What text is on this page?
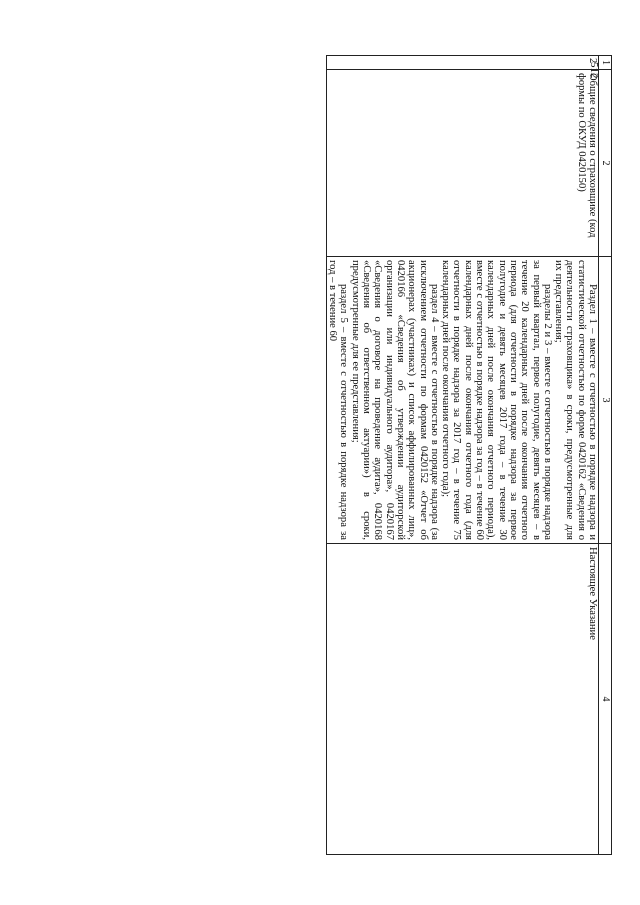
512 1	2	3	4
2	Общие сведения о страховщике (код формы по ОКУД 0420150)	Раздел 1 – вместе с отчетностью в порядке надзора и статистической отчетностью по форме 0420162 «Сведения о деятельности страховщика» в сроки, предусмотренные для их представления;

разделы 2 и 3 – вместе с отчетностью в порядке надзора за первый квартал, первое полугодие, девять месяцев – в течение 20 календарных дней после окончания отчетного периода (для отчетности в порядке надзора за первое полугодие и девять месяцев 2017 года – в течение 30 календарных дней после окончания отчетного периода), вместе с отчетностью в порядке надзора за год – в течение 60 календарных дней после окончания отчетного года (для отчетности в порядке надзора за 2017 год – в течение 75 календарных дней после окончания отчетного года);

раздел 4 – вместе с отчетностью в порядке надзора (за исключением отчетности по формам 0420152 «Отчет об акционерах (участниках) и список аффилированных лиц», 0420166 «Сведения об утверждении аудиторской организации или индивидуального аудитора», 0420167 «Сведения о договоре на проведение аудита», 0420168 «Сведения об ответственном актуарии») в сроки, предусмотренные для ее представления;

раздел 5 – вместе с отчетностью в порядке надзора за год – в течение 60	Настоящее Указание
